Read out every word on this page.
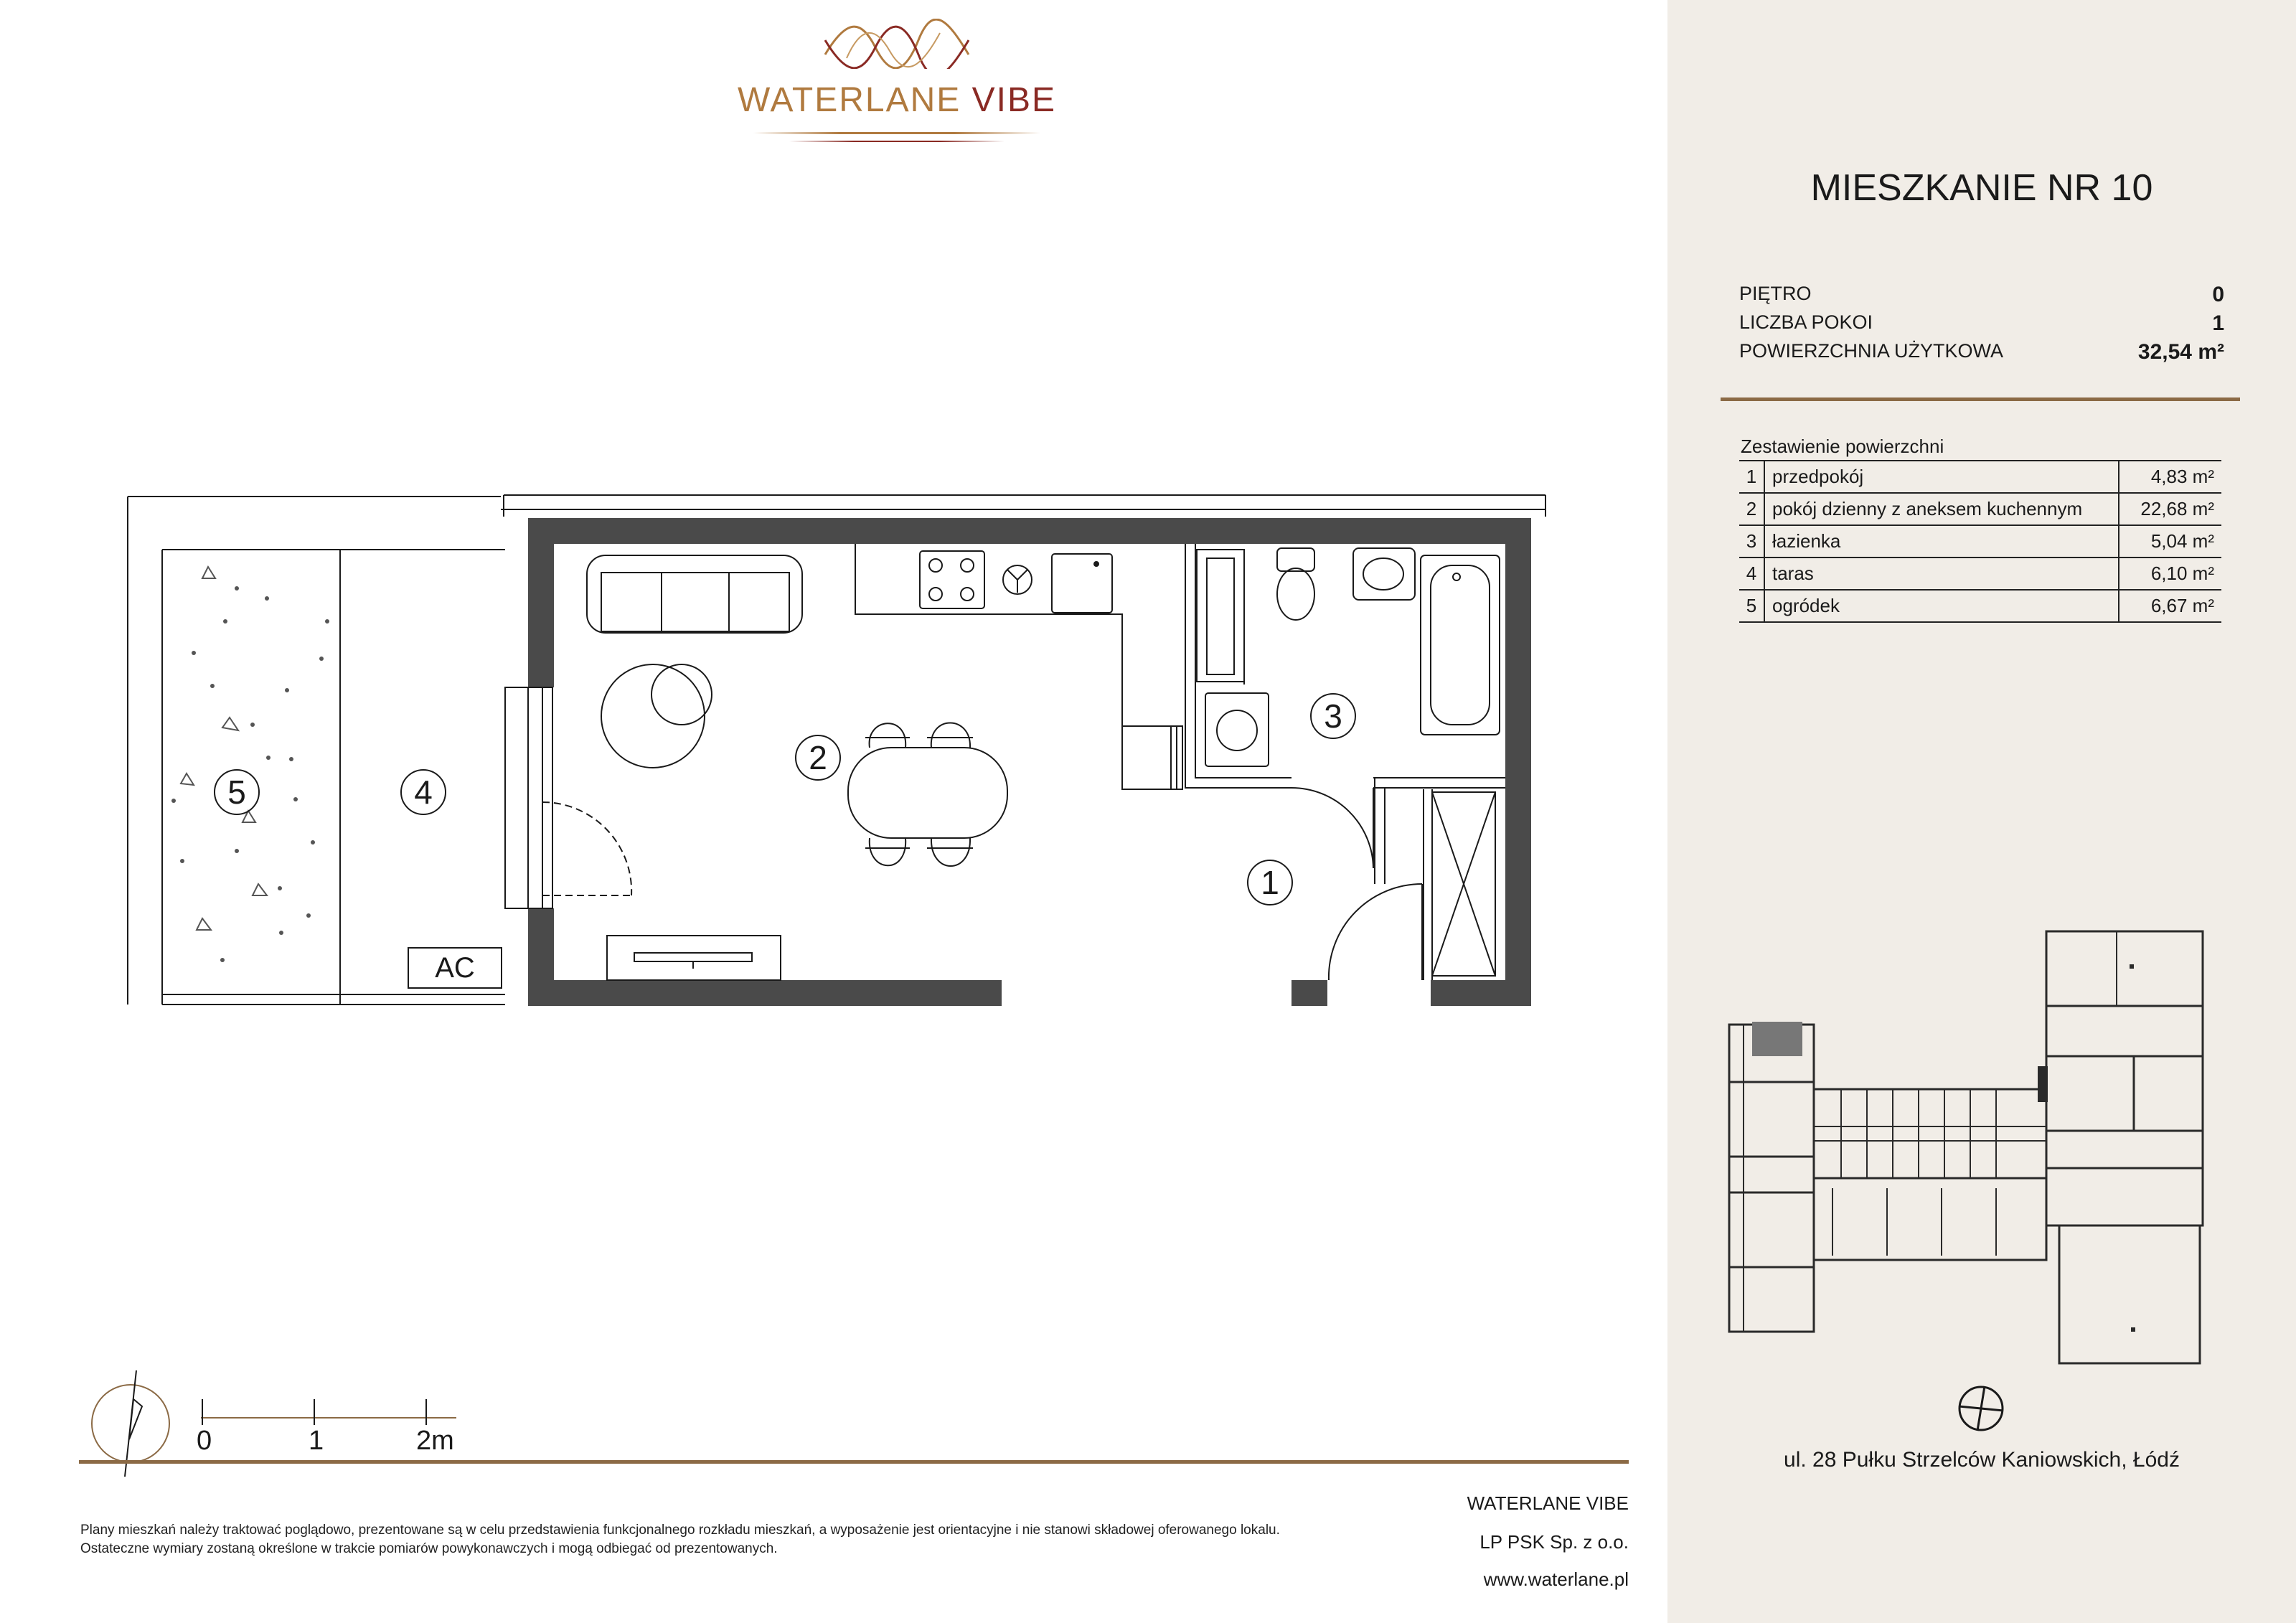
WATERLANE VIBE
MIESZKANIE NR 10
PIĘTRO	0
LICZBA POKOI	1
POWIERZCHNIA UŻYTKOWA	32,54 m²
Zestawienie powierzchni
1	przedpokój	4,83 m²
2	pokój dzienny z aneksem kuchennym	22,68 m²
3	łazienka	5,04 m²
4	taras	6,10 m²
5	ogródek	6,67 m²
1
2
3
4
5
AC
0	1	2m
ul. 28 Pułku Strzelców Kaniowskich, Łódź
Plany mieszkań należy traktować poglądowo, prezentowane są w celu przedstawienia funkcjonalnego rozkładu mieszkań, a wyposażenie jest orientacyjne i nie stanowi składowej oferowanego lokalu.
Ostateczne wymiary zostaną określone w trakcie pomiarów powykonawczych i mogą odbiegać od prezentowanych.
WATERLANE VIBE
LP PSK Sp. z o.o.
www.waterlane.pl
